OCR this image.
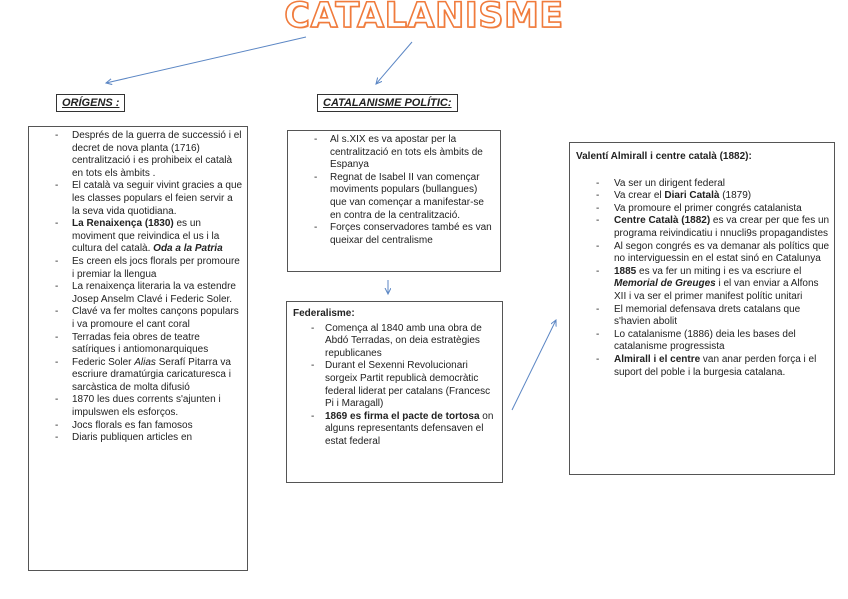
CATALANISME
ORÍGENS :	CATALANISME POLÍTIC:
- Després de la guerra de successió i el decret de nova planta (1716) centralització i es prohibeix el català en tots els àmbits .
- El català va seguir vivint gracies a que les classes populars el feien servir a la seva vida quotidiana.
- La Renaixença (1830) es un moviment que reivindica el us i la cultura del català. Oda a la Patria
- Es creen els jocs florals per promoure i premiar la llengua
- La renaixença literaria la va estendre Josep Anselm Clavé i Federic Soler.
- Clavé va fer moltes cançons populars i va promoure el cant coral
- Terradas feia obres de teatre satíriques i antiomonarquiques
- Federic Soler Alias Serafí Pitarra va escriure dramatúrgia caricaturesca i sarcàstica de molta difusió
- 1870 les dues corrents s'ajunten i impulswen els esforços.
- Jocs florals es fan famosos
- Diaris publiquen articles en
- Al s.XIX es va apostar per la centralització en tots els àmbits de Espanya
- Regnat de Isabel II van començar moviments populars (bullangues) que van començar a manifestar-se en contra de la centralització.
- Forçes conservadores també es van queixar del centralisme
Federalisme:
- Comença al 1840 amb una obra de Abdó Terradas, on deia estratègies republicanes
- Durant el Sexenni Revolucionari sorgeix Partit republicà democràtic federal liderat per catalans (Francesc Pi i Maragall)
- 1869 es firma el pacte de tortosa on alguns representants defensaven el estat federal
Valentí Almirall i centre català (1882):
- Va ser un dirigent federal
- Va crear el Diari Català (1879)
- Va promoure el primer congrés catalanista
- Centre Català (1882) es va crear per que fes un programa reivindicatiu i nnucli9s propagandistes
- Al segon congrés es va demanar als polítics que no interviguessin en el estat sinó en Catalunya
- 1885 es va fer un miting i es va escriure el Memorial de Greuges i el van enviar a Alfons XII i va ser el primer manifest polític unitari
- El memorial defensava drets catalans que s'havien abolit
- Lo catalanisme (1886) deia les bases del catalanisme progressista
- Almirall i el centre van anar perden força i el suport del poble i la burgesia catalana.
